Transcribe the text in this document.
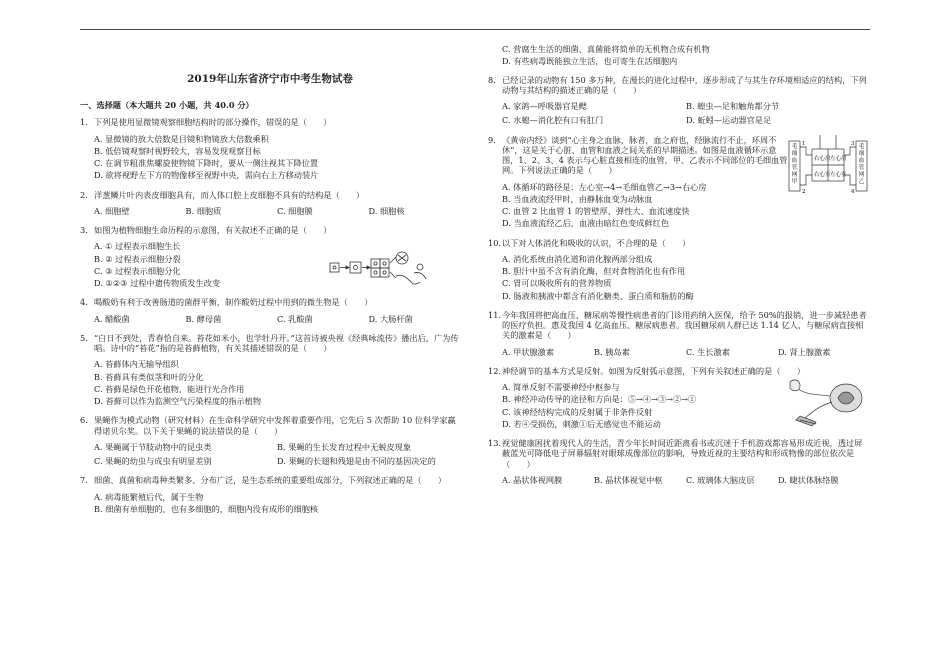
2019年山东省济宁市中考生物试卷
一、选择题（本大题共 20 小题，共 40.0 分）
1. 下列是使用显微镜观察细胞结构时的部分操作，错误的是（　　）
A. 显微镜的放大倍数是目镜和物镜放大倍数乘积
B. 低倍镜观察时视野较大，容易发现观察目标
C. 在调节粗准焦螺旋使物镜下降时，要从一侧注视其下降位置
D. 欲将视野左下方的物像移至视野中央，需向右上方移动装片
2. 洋葱鳞片叶内表皮细胞具有，而人体口腔上皮细胞不具有的结构是（　　）
A. 细胞壁	B. 细胞质	C. 细胞膜	D. 细胞核
3. 如图为植物细胞生命历程的示意图，有关叙述不正确的是（　　）
A. ① 过程表示细胞生长
B. ② 过程表示细胞分裂
C. ③ 过程表示细胞分化
D. ①②③ 过程中遗传物质发生改变
4. 喝酸奶有利于改善肠道的菌群平衡，制作酸奶过程中用到的微生物是（　　）
A. 醋酸菌	B. 酵母菌	C. 乳酸菌	D. 大肠杆菌
5. “白日不到处，青春恰自来。苔花如米小，也学牡丹开。”这首诗被央视《经典咏流传》播出后，广为传唱。诗中的“苔花”指的是苔藓植物，有关其描述错误的是（　　）
A. 苔藓体内无输导组织
B. 苔藓具有类似茎和叶的分化
C. 苔藓是绿色开花植物，能进行光合作用
D. 苔藓可以作为监测空气污染程度的指示植物
6. 果蝇作为模式动物（研究材料）在生命科学研究中发挥着重要作用，它先后 5 次帮助 10 位科学家赢得诺贝尔奖。以下关于果蝇的说法错误的是（　　）
A. 果蝇属于节肢动物中的昆虫类	B. 果蝇的生长发育过程中无蜕皮现象
C. 果蝇的幼虫与成虫有明显差别	D. 果蝇的长翅和残翅是由不同的基因决定的
7. 细菌、真菌和病毒种类繁多、分布广泛，是生态系统的重要组成部分，下列叙述正确的是（　　）
A. 病毒能繁殖后代，属于生物
B. 细菌有单细胞的，也有多细胞的，细胞内没有成形的细胞核
C. 营腐生生活的细菌、真菌能将简单的无机物合成有机物
D. 有些病毒既能独立生活，也可寄生在活细胞内
8. 已经记录的动物有 150 多万种，在漫长的进化过程中，逐步形成了与其生存环境相适应的结构，下列动物与其结构的描述正确的是（　　）
A. 家鸽—呼吸器官是鳃	B. 蝗虫—足和触角都分节
C. 水螅—消化腔有口有肛门	D. 蚯蚓—运动器官是足
9. 《黄帝内经》谈到“心主身之血脉，脉者，血之府也，经脉流行不止，环周不休”，这是关于心脏、血管和血液之间关系的早期描述。如图是血液循环示意图，1、2、3、4 表示与心脏直接相连的血管，甲、乙表示不同部位的毛细血管网。下列说法正确的是（　　）
A. 体循环的路径是：左心室→4→毛细血管乙→3→右心房
B. 当血液流经甲时，由静脉血变为动脉血
C. 血管 2 比血管 1 的管壁厚、弹性大、血流速度快
D. 当血液流经乙后，血液由暗红色变成鲜红色
右心房 左心房
右心室 左心室
1
2
3
4
毛细血管网甲
毛细血管网乙
10.以下对人体消化和吸收的认识，不合理的是（　　）
A. 消化系统由消化道和消化腺两部分组成
B. 胆汁中虽不含有消化酶，但对食物消化也有作用
C. 胃可以吸收所有的营养物质
D. 肠液和胰液中都含有消化糖类、蛋白质和脂肪的酶
11.今年我国将把高血压、糖尿病等慢性病患者的门诊用药纳入医保，给予 50%的报销，进一步减轻患者的医疗负担。惠及我国 4 亿高血压、糖尿病患者。我国糖尿病人群已达 1.14 亿人，与糖尿病直接相关的激素是（　　）
A. 甲状腺激素	B. 胰岛素	C. 生长激素	D. 肾上腺激素
12.神经调节的基本方式是反射。如图为反射弧示意图，下列有关叙述正确的是（　　）
A. 简单反射不需要神经中枢参与
B. 神经冲动传导的途径和方向是：⑤→④→③→②→①
C. 该神经结构完成的反射属于非条件反射
D. 若④受损伤，刺激①后无感觉也不能运动
13.视觉健康困扰着现代人的生活，青少年长时间近距离看书或沉迷于手机游戏都容易形成近视，透过屏蔽蓝光可降低电子屏幕辐射对眼球成像部位的影响，导致近视的主要结构和形成物像的部位依次是（　　）
A. 晶状体视网膜	B. 晶状体视觉中枢	C. 玻璃体大脑皮层	D. 睫状体脉络膜
